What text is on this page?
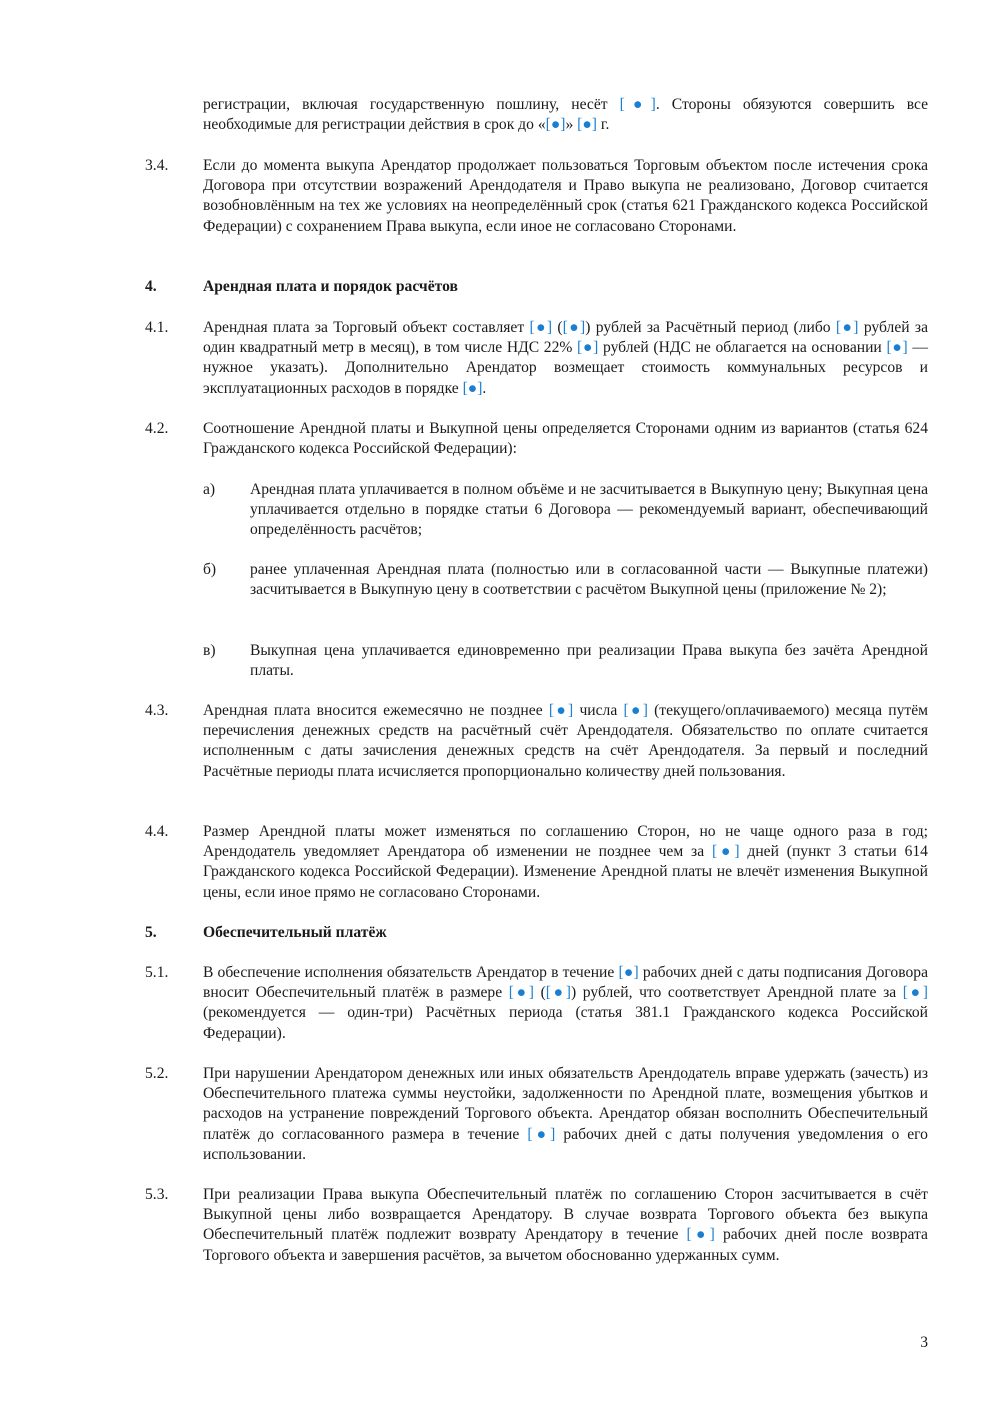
регистрации, включая государственную пошлину, несёт [●]. Стороны обязуются совершить все необходимые для регистрации действия в срок до «[●]» [●] г.
3.4. Если до момента выкупа Арендатор продолжает пользоваться Торговым объектом после истечения срока Договора при отсутствии возражений Арендодателя и Право выкупа не реализовано, Договор считается возобновлённым на тех же условиях на неопределённый срок (статья 621 Гражданского кодекса Российской Федерации) с сохранением Права выкупа, если иное не согласовано Сторонами.
4.	Арендная плата и порядок расчётов
4.1. Арендная плата за Торговый объект составляет [●] ([●]) рублей за Расчётный период (либо [●] рублей за один квадратный метр в месяц), в том числе НДС 22% [●] рублей (НДС не облагается на основании [●] — нужное указать). Дополнительно Арендатор возмещает стоимость коммунальных ресурсов и эксплуатационных расходов в порядке [●].
4.2. Соотношение Арендной платы и Выкупной цены определяется Сторонами одним из вариантов (статья 624 Гражданского кодекса Российской Федерации):
а) Арендная плата уплачивается в полном объёме и не засчитывается в Выкупную цену; Выкупная цена уплачивается отдельно в порядке статьи 6 Договора — рекомендуемый вариант, обеспечивающий определённость расчётов;
б) ранее уплаченная Арендная плата (полностью или в согласованной части — Выкупные платежи) засчитывается в Выкупную цену в соответствии с расчётом Выкупной цены (приложение № 2);
в) Выкупная цена уплачивается единовременно при реализации Права выкупа без зачёта Арендной платы.
4.3. Арендная плата вносится ежемесячно не позднее [●] числа [●] (текущего/оплачиваемого) месяца путём перечисления денежных средств на расчётный счёт Арендодателя. Обязательство по оплате считается исполненным с даты зачисления денежных средств на счёт Арендодателя. За первый и последний Расчётные периоды плата исчисляется пропорционально количеству дней пользования.
4.4. Размер Арендной платы может изменяться по соглашению Сторон, но не чаще одного раза в год; Арендодатель уведомляет Арендатора об изменении не позднее чем за [●] дней (пункт 3 статьи 614 Гражданского кодекса Российской Федерации). Изменение Арендной платы не влечёт изменения Выкупной цены, если иное прямо не согласовано Сторонами.
5.	Обеспечительный платёж
5.1. В обеспечение исполнения обязательств Арендатор в течение [●] рабочих дней с даты подписания Договора вносит Обеспечительный платёж в размере [●] ([●]) рублей, что соответствует Арендной плате за [●] (рекомендуется — один-три) Расчётных периода (статья 381.1 Гражданского кодекса Российской Федерации).
5.2. При нарушении Арендатором денежных или иных обязательств Арендодатель вправе удержать (зачесть) из Обеспечительного платежа суммы неустойки, задолженности по Арендной плате, возмещения убытков и расходов на устранение повреждений Торгового объекта. Арендатор обязан восполнить Обеспечительный платёж до согласованного размера в течение [●] рабочих дней с даты получения уведомления о его использовании.
5.3. При реализации Права выкупа Обеспечительный платёж по соглашению Сторон засчитывается в счёт Выкупной цены либо возвращается Арендатору. В случае возврата Торгового объекта без выкупа Обеспечительный платёж подлежит возврату Арендатору в течение [●] рабочих дней после возврата Торгового объекта и завершения расчётов, за вычетом обоснованно удержанных сумм.
3
